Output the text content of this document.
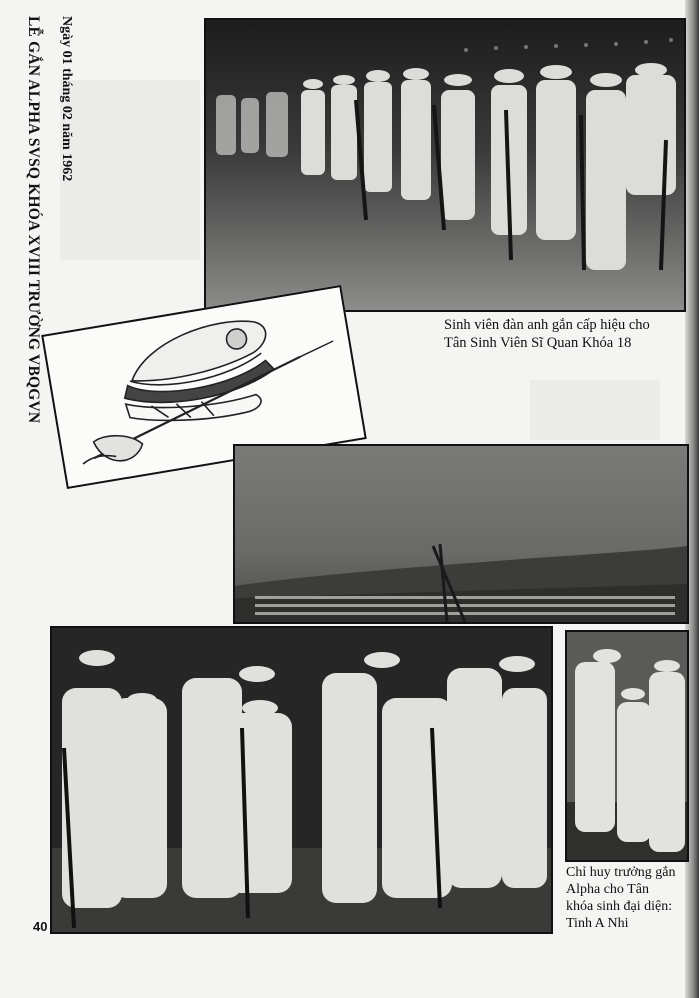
Ngày 01 tháng 02 năm 1962
LỄ GẮN ALPHA SVSQ KHÓA XVIII TRƯỜNG VBQGVN	Sinh viên đàn anh gắn cấp hiệu cho
Tân Sinh Viên Sĩ Quan Khóa 18
Chỉ huy trưởng gắn
Alpha cho Tân
khóa sinh đại diện:
Tinh A Nhi
40
